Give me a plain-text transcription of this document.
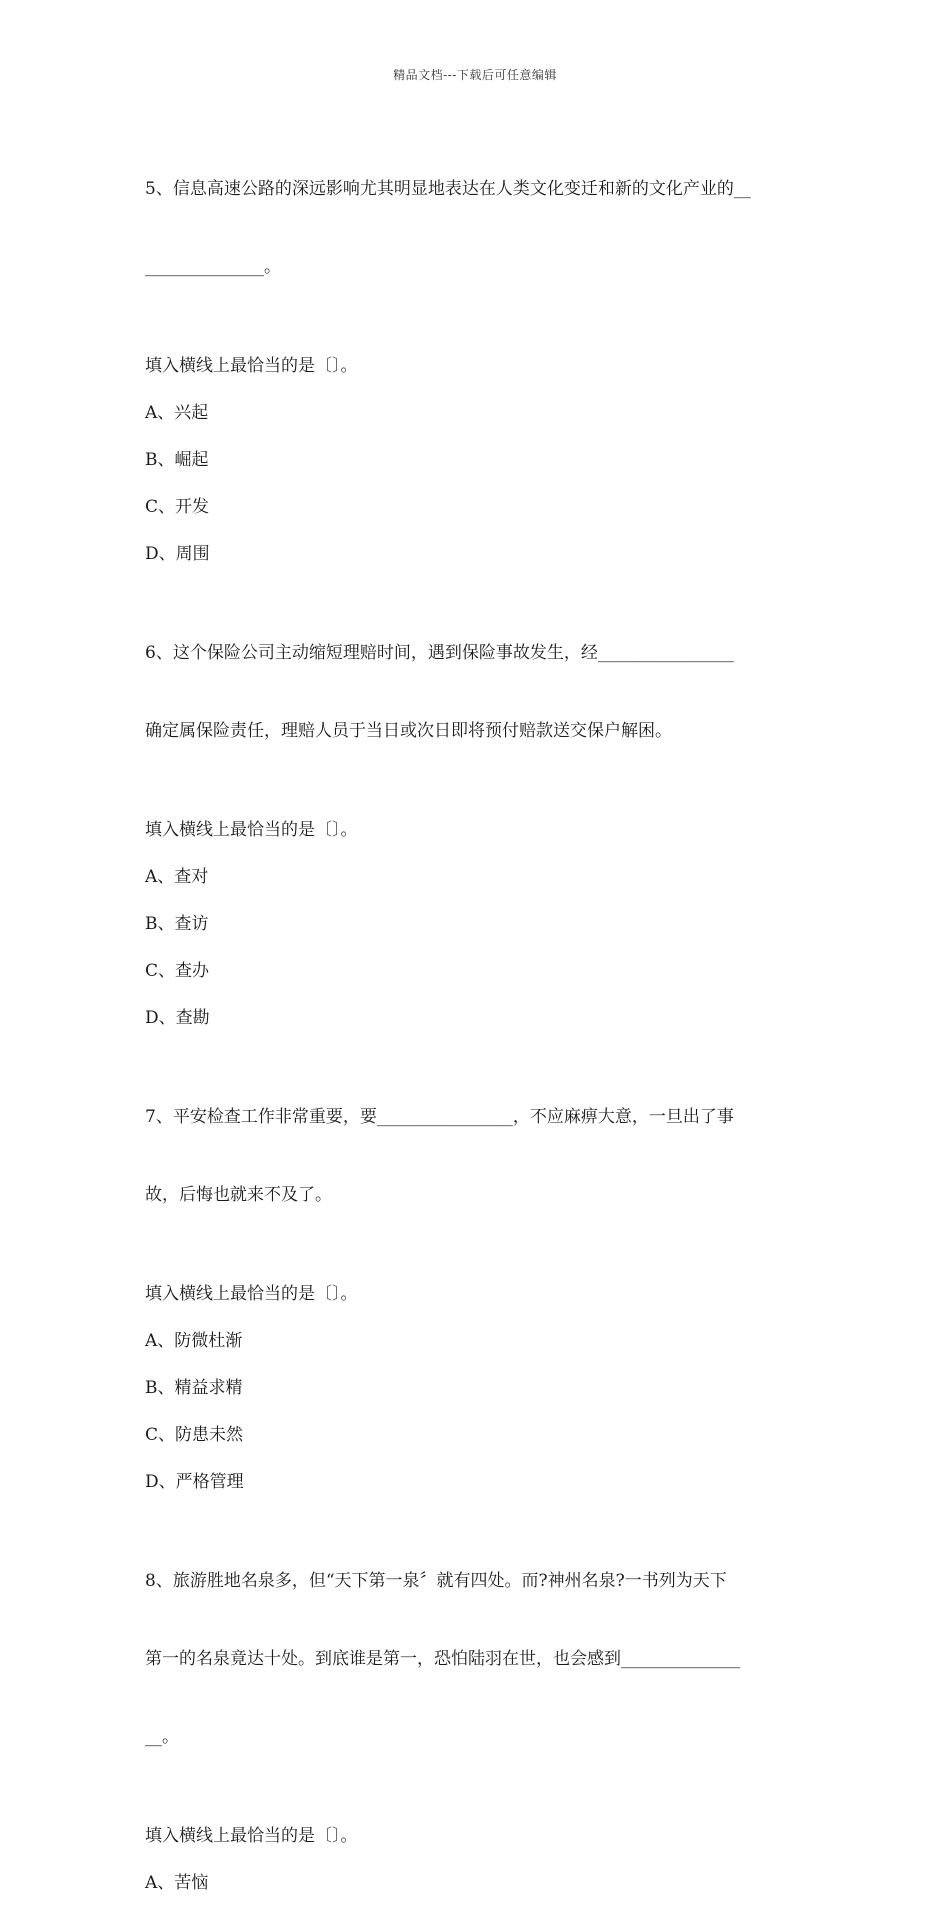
精品文档---下载后可任意编辑

5、信息高速公路的深远影响尤其明显地表达在人类文化变迁和新的文化产业的__

______________。

填入横线上最恰当的是〔〕。
A、兴起
B、崛起
C、开发
D、周围

6、这个保险公司主动缩短理赔时间，遇到保险事故发生，经________________

确定属保险责任，理赔人员于当日或次日即将预付赔款送交保户解困。

填入横线上最恰当的是〔〕。
A、查对
B、查访
C、查办
D、查勘

7、平安检查工作非常重要，要________________，不应麻痹大意，一旦出了事

故，后悔也就来不及了。

填入横线上最恰当的是〔〕。
A、防微杜渐
B、精益求精
C、防患未然
D、严格管理

8、旅游胜地名泉多，但“天下第一泉〞就有四处。而?神州名泉?一书列为天下

第一的名泉竟达十处。到底谁是第一，恐怕陆羽在世，也会感到______________

__。

填入横线上最恰当的是〔〕。
A、苦恼
